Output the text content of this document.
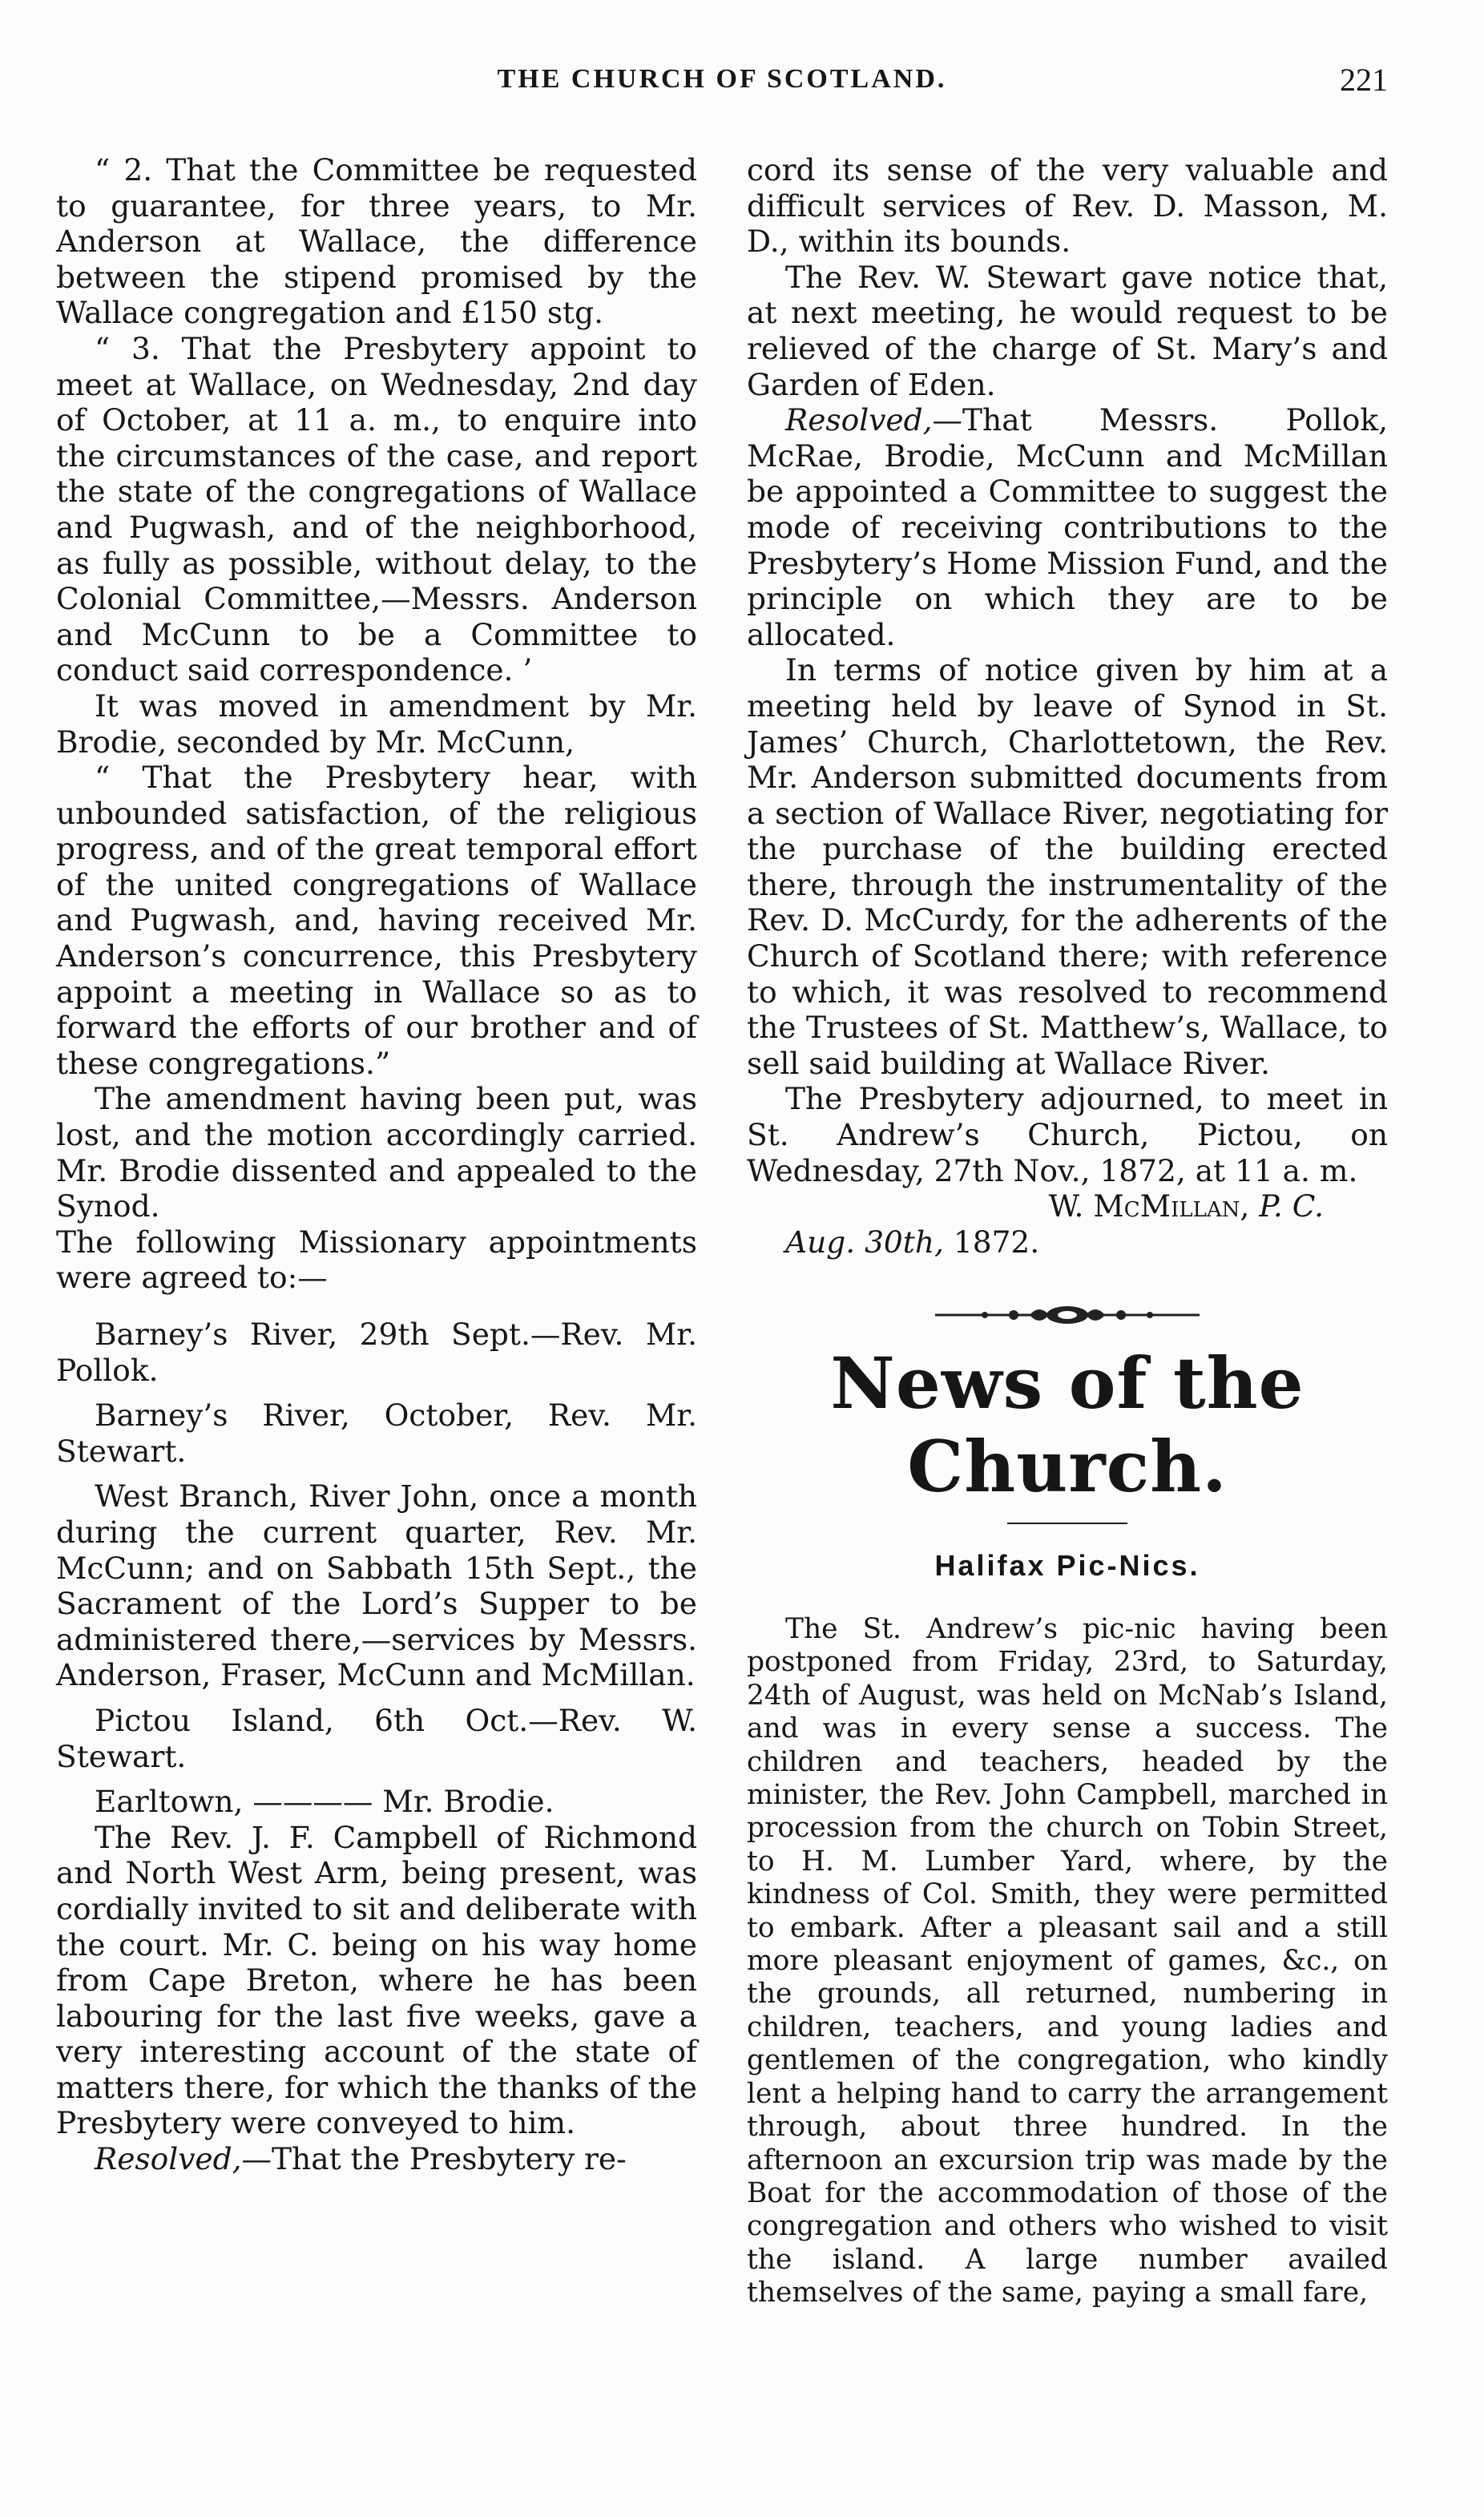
THE CHURCH OF SCOTLAND.	221

“ 2. That the Committee be requested to guarantee, for three years, to Mr. Anderson at Wallace, the difference between the stipend promised by the Wallace congregation and £150 stg.

“ 3. That the Presbytery appoint to meet at Wallace, on Wednesday, 2nd day of October, at 11 a. m., to enquire into the circumstances of the case, and report the state of the congregations of Wallace and Pugwash, and of the neighborhood, as fully as possible, without delay, to the Colonial Committee,—Messrs. Anderson and McCunn to be a Committee to conduct said correspondence. ’

It was moved in amendment by Mr. Brodie, seconded by Mr. McCunn,

“ That the Presbytery hear, with unbounded satisfaction, of the religious progress, and of the great temporal effort of the united congregations of Wallace and Pugwash, and, having received Mr. Anderson’s concurrence, this Presbytery appoint a meeting in Wallace so as to forward the efforts of our brother and of these congregations.”

The amendment having been put, was lost, and the motion accordingly carried. Mr. Brodie dissented and appealed to the Synod.

The following Missionary appointments were agreed to:—

Barney’s River, 29th Sept.—Rev. Mr. Pollok.

Barney’s River, October, Rev. Mr. Stewart.

West Branch, River John, once a month during the current quarter, Rev. Mr. McCunn; and on Sabbath 15th Sept., the Sacrament of the Lord’s Supper to be administered there,—services by Messrs. Anderson, Fraser, McCunn and McMillan.

Pictou Island, 6th Oct.—Rev. W. Stewart.

Earltown, ———— Mr. Brodie.

The Rev. J. F. Campbell of Richmond and North West Arm, being present, was cordially invited to sit and deliberate with the court. Mr. C. being on his way home from Cape Breton, where he has been labouring for the last five weeks, gave a very interesting account of the state of matters there, for which the thanks of the Presbytery were conveyed to him.

Resolved,—That the Presbytery re-

cord its sense of the very valuable and difficult services of Rev. D. Masson, M. D., within its bounds.

The Rev. W. Stewart gave notice that, at next meeting, he would request to be relieved of the charge of St. Mary’s and Garden of Eden.

Resolved,—That Messrs. Pollok, McRae, Brodie, McCunn and McMillan be appointed a Committee to suggest the mode of receiving contributions to the Presbytery’s Home Mission Fund, and the principle on which they are to be allocated.

In terms of notice given by him at a meeting held by leave of Synod in St. James’ Church, Charlottetown, the Rev. Mr. Anderson submitted documents from a section of Wallace River, negotiating for the purchase of the building erected there, through the instrumentality of the Rev. D. McCurdy, for the adherents of the Church of Scotland there; with reference to which, it was resolved to recommend the Trustees of St. Matthew’s, Wallace, to sell said building at Wallace River.

The Presbytery adjourned, to meet in St. Andrew’s Church, Pictou, on Wednesday, 27th Nov., 1872, at 11 a. m.

W. McMillan, P. C.

Aug. 30th, 1872.

News of the Church.
Halifax Pic-Nics.

The St. Andrew’s pic-nic having been postponed from Friday, 23rd, to Saturday, 24th of August, was held on McNab’s Island, and was in every sense a success. The children and teachers, headed by the minister, the Rev. John Campbell, marched in procession from the church on Tobin Street, to H. M. Lumber Yard, where, by the kindness of Col. Smith, they were permitted to embark. After a pleasant sail and a still more pleasant enjoyment of games, &c., on the grounds, all returned, numbering in children, teachers, and young ladies and gentlemen of the congregation, who kindly lent a helping hand to carry the arrangement through, about three hundred. In the afternoon an excursion trip was made by the Boat for the accommodation of those of the congregation and others who wished to visit the island. A large number availed themselves of the same, paying a small fare,
